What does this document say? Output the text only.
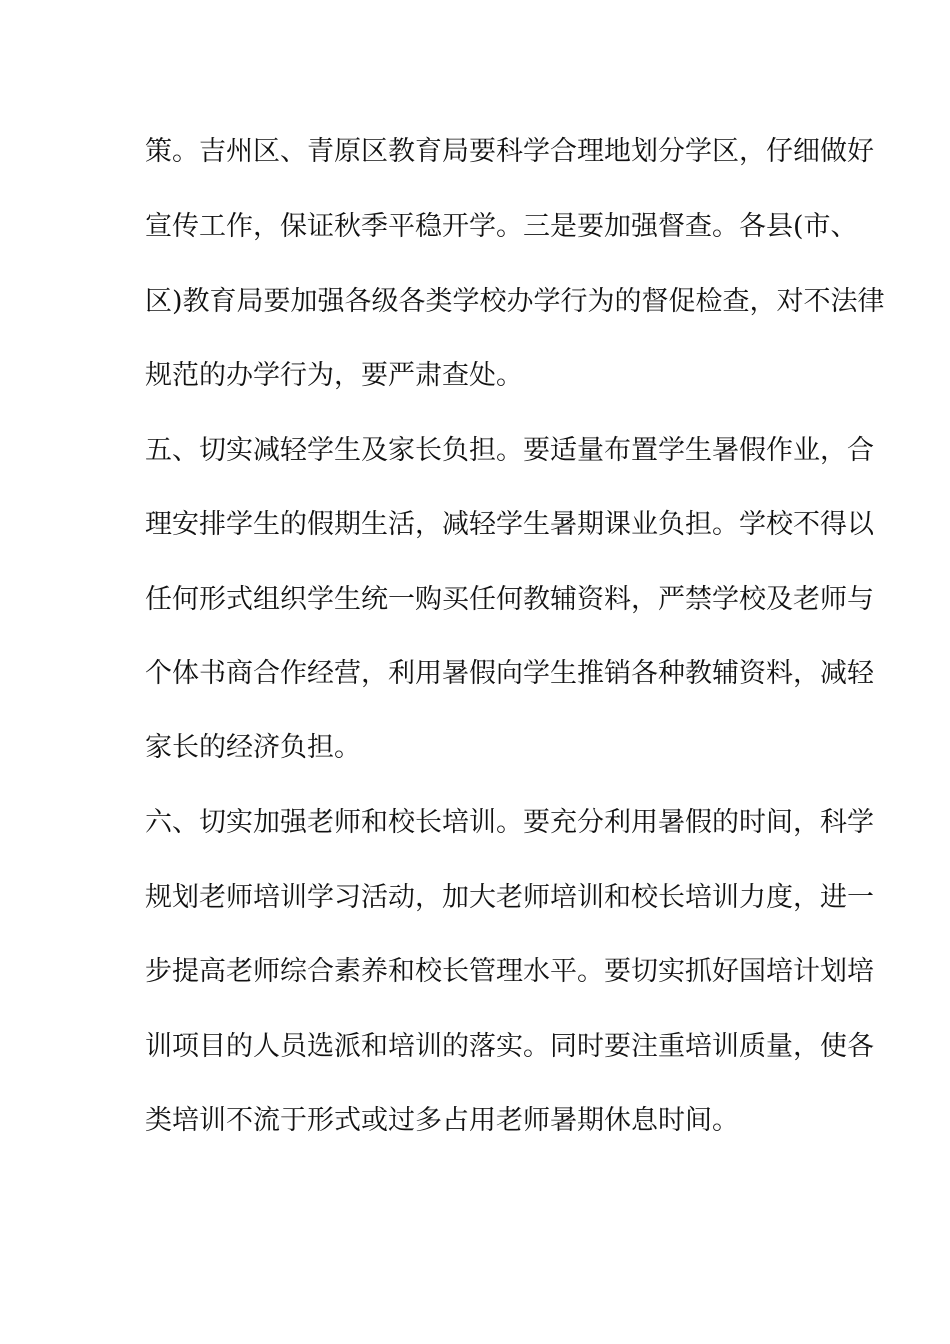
策。吉州区、青原区教育局要科学合理地划分学区，仔细做好
宣传工作，保证秋季平稳开学。三是要加强督查。各县(市、
区)教育局要加强各级各类学校办学行为的督促检查，对不法律
规范的办学行为，要严肃查处。
五、切实减轻学生及家长负担。要适量布置学生暑假作业，合
理安排学生的假期生活，减轻学生暑期课业负担。学校不得以
任何形式组织学生统一购买任何教辅资料，严禁学校及老师与
个体书商合作经营，利用暑假向学生推销各种教辅资料，减轻
家长的经济负担。
六、切实加强老师和校长培训。要充分利用暑假的时间，科学
规划老师培训学习活动，加大老师培训和校长培训力度，进一
步提高老师综合素养和校长管理水平。要切实抓好国培计划培
训项目的人员选派和培训的落实。同时要注重培训质量，使各
类培训不流于形式或过多占用老师暑期休息时间。
